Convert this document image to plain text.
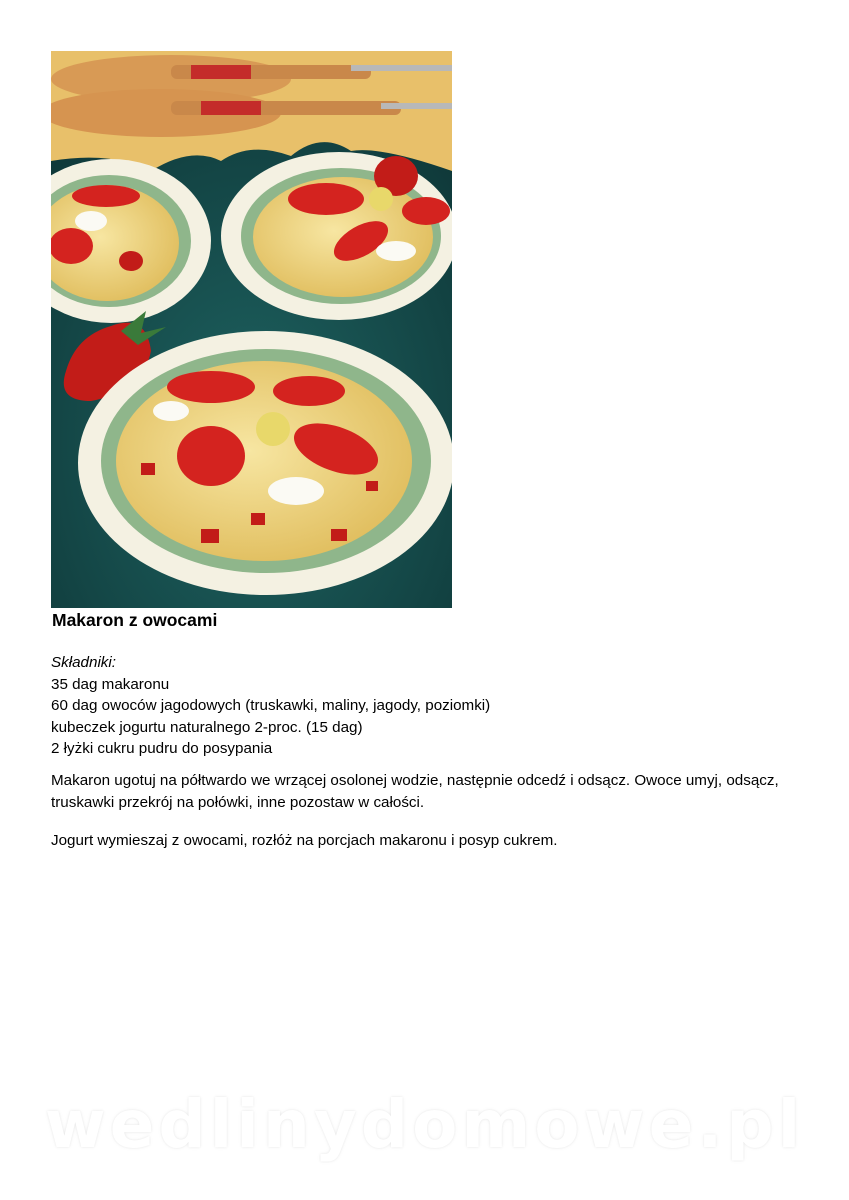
Makaron z owocami
Składniki:
35 dag makaronu
60 dag owoców jagodowych (truskawki, maliny, jagody, poziomki)
kubeczek jogurtu naturalnego 2-proc. (15 dag)
2 łyżki cukru pudru do posypania

Makaron ugotuj na półtwardo we wrzącej osolonej wodzie, następnie odcedź i odsącz. Owoce umyj, odsącz, truskawki przekrój na połówki, inne pozostaw w całości.

Jogurt wymieszaj z owocami, rozłóż na porcjach makaronu i posyp cukrem.

wedlinydomowe.pl
